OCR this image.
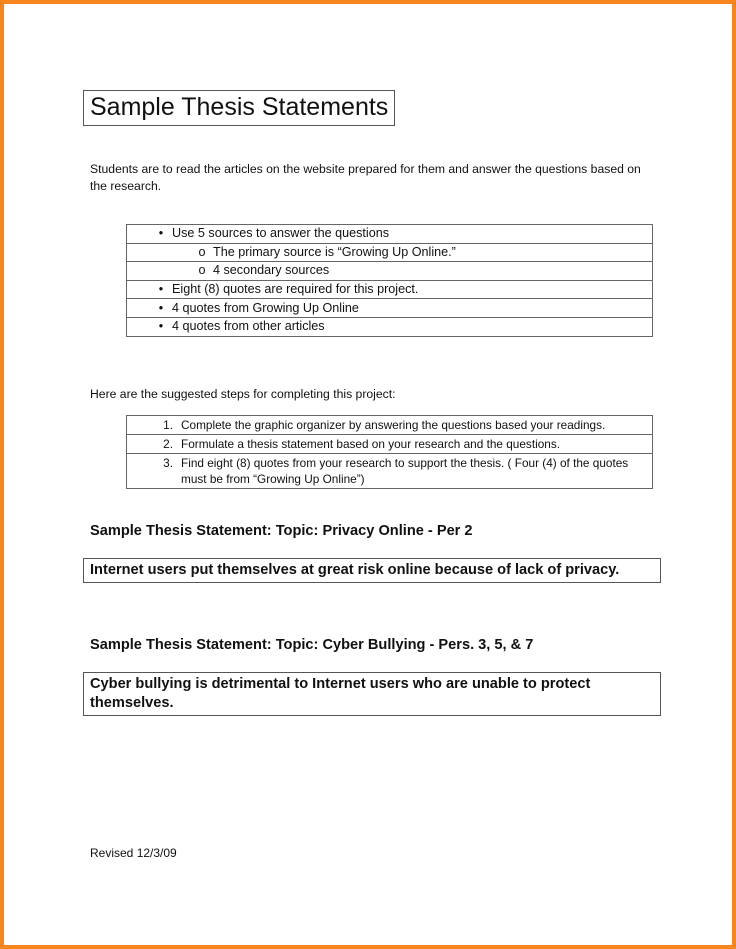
Sample Thesis Statements
Students are to read the articles on the website prepared for them and answer the questions based on the research.
• Use 5 sources to answer the questions
o The primary source is “Growing Up Online.”
o 4 secondary sources
• Eight (8) quotes are required for this project.
• 4 quotes from Growing Up Online
• 4 quotes from other articles
Here are the suggested steps for completing this project:
1.	Complete the graphic organizer by answering the questions based your readings.
2.	Formulate a thesis statement based on your research and the questions.
3.	Find eight (8) quotes from your research to support the thesis. ( Four (4) of the quotes must be from “Growing Up Online”)
Sample Thesis Statement: Topic: Privacy Online - Per 2
Internet users put themselves at great risk online because of lack of privacy.
Sample Thesis Statement: Topic: Cyber Bullying - Pers. 3, 5, & 7
Cyber bullying is detrimental to Internet users who are unable to protect themselves.
Revised 12/3/09
